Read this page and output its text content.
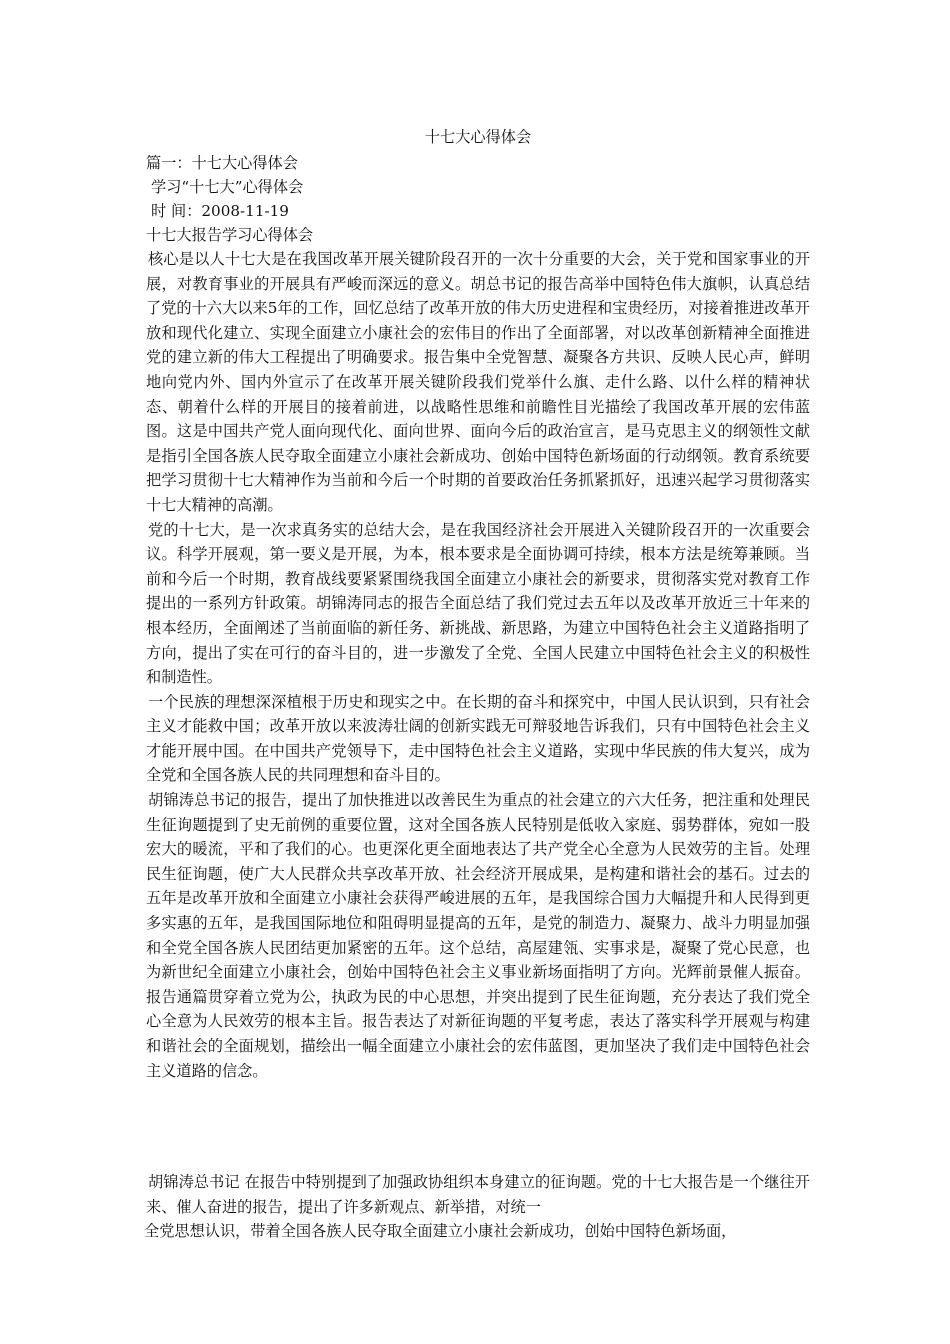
十七大心得体会
篇一：十七大心得体会
学习“十七大”心得体会
时 间：2008-11-19
十七大报告学习心得体会

核心是以人十七大是在我国改革开展关键阶段召开的一次十分重要的大会，关于党和国家事业的开展，对教育事业的开展具有严峻而深远的意义。胡总书记的报告高举中国特色伟大旗帜，认真总结了党的十六大以来5年的工作，回忆总结了改革开放的伟大历史进程和宝贵经历，对接着推进改革开放和现代化建立、实现全面建立小康社会的宏伟目的作出了全面部署，对以改革创新精神全面推进党的建立新的伟大工程提出了明确要求。报告集中全党智慧、凝聚各方共识、反映人民心声，鲜明地向党内外、国内外宣示了在改革开展关键阶段我们党举什么旗、走什么路、以什么样的精神状态、朝着什么样的开展目的接着前进，以战略性思维和前瞻性目光描绘了我国改革开展的宏伟蓝图。这是中国共产党人面向现代化、面向世界、面向今后的政治宣言，是马克思主义的纲领性文献是指引全国各族人民夺取全面建立小康社会新成功、创始中国特色新场面的行动纲领。教育系统要把学习贯彻十七大精神作为当前和今后一个时期的首要政治任务抓紧抓好，迅速兴起学习贯彻落实十七大精神的高潮。

党的十七大，是一次求真务实的总结大会，是在我国经济社会开展进入关键阶段召开的一次重要会议。科学开展观，第一要义是开展，为本，根本要求是全面协调可持续，根本方法是统筹兼顾。当前和今后一个时期，教育战线要紧紧围绕我国全面建立小康社会的新要求，贯彻落实党对教育工作提出的一系列方针政策。胡锦涛同志的报告全面总结了我们党过去五年以及改革开放近三十年来的根本经历，全面阐述了当前面临的新任务、新挑战、新思路，为建立中国特色社会主义道路指明了方向，提出了实在可行的奋斗目的，进一步激发了全党、全国人民建立中国特色社会主义的积极性和制造性。

一个民族的理想深深植根于历史和现实之中。在长期的奋斗和探究中，中国人民认识到，只有社会主义才能救中国；改革开放以来波涛壮阔的创新实践无可辩驳地告诉我们，只有中国特色社会主义才能开展中国。在中国共产党领导下，走中国特色社会主义道路，实现中华民族的伟大复兴，成为全党和全国各族人民的共同理想和奋斗目的。

胡锦涛总书记的报告，提出了加快推进以改善民生为重点的社会建立的六大任务，把注重和处理民生征询题提到了史无前例的重要位置，这对全国各族人民特别是低收入家庭、弱势群体，宛如一股宏大的暖流，平和了我们的心。也更深化更全面地表达了共产党全心全意为人民效劳的主旨。处理民生征询题，使广大人民群众共享改革开放、社会经济开展成果，是构建和谐社会的基石。过去的五年是改革开放和全面建立小康社会获得严峻进展的五年，是我国综合国力大幅提升和人民得到更多实惠的五年，是我国国际地位和阻碍明显提高的五年，是党的制造力、凝聚力、战斗力明显加强和全党全国各族人民团结更加紧密的五年。这个总结，高屋建瓴、实事求是，凝聚了党心民意，也为新世纪全面建立小康社会，创始中国特色社会主义事业新场面指明了方向。光辉前景催人振奋。报告通篇贯穿着立党为公，执政为民的中心思想，并突出提到了民生征询题，充分表达了我们党全心全意为人民效劳的根本主旨。报告表达了对新征询题的平复考虑，表达了落实科学开展观与构建和谐社会的全面规划，描绘出一幅全面建立小康社会的宏伟蓝图，更加坚决了我们走中国特色社会主义道路的信念。

胡锦涛总书记 在报告中特别提到了加强政协组织本身建立的征询题。党的十七大报告是一个继往开来、催人奋进的报告，提出了许多新观点、新举措，对统一
全党思想认识，带着全国各族人民夺取全面建立小康社会新成功，创始中国特色新场面，
